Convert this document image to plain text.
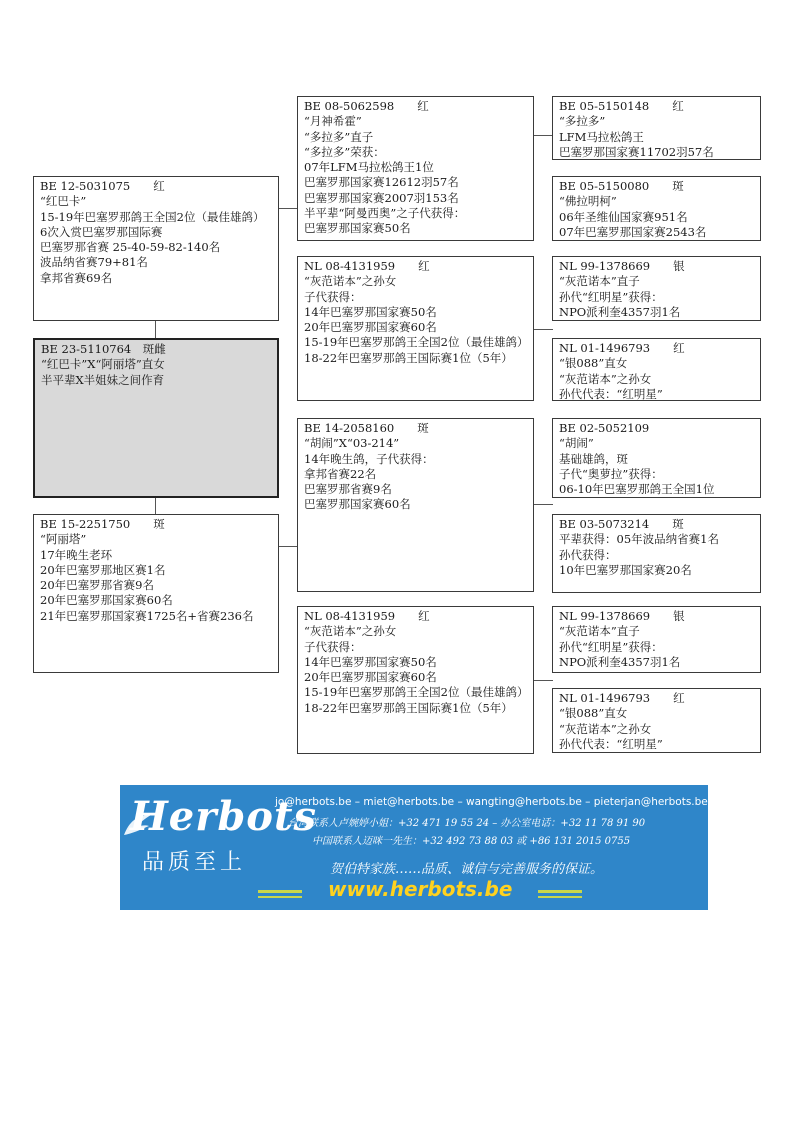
BE 23-5110764　斑雌
“红巴卡”X“阿丽塔”直女
半平辈X半姐妹之间作育
BE 12-5031075　　红
“红巴卡”
15-19年巴塞罗那鸽王全国2位（最佳雄鸽）
6次入赏巴塞罗那国际赛
巴塞罗那省赛 25-40-59-82-140名
波品纳省赛79+81名
拿邦省赛69名
BE 15-2251750　　斑
“阿丽塔”
17年晚生老环
20年巴塞罗那地区赛1名
20年巴塞罗那省赛9名
20年巴塞罗那国家赛60名
21年巴塞罗那国家赛1725名+省赛236名
BE 08-5062598　　红
“月神希霍”
“多拉多”直子
“多拉多”荣获：
07年LFM马拉松鸽王1位
巴塞罗那国家赛12612羽57名
巴塞罗那国家赛2007羽153名
半平辈“阿曼西奥”之子代获得：
巴塞罗那国家赛50名
NL 08-4131959　　红
“灰范诺本”之孙女
子代获得：
14年巴塞罗那国家赛50名
20年巴塞罗那国家赛60名
15-19年巴塞罗那鸽王全国2位（最佳雄鸽）
18-22年巴塞罗那鸽王国际赛1位（5年）
BE 14-2058160　　斑
“胡闹”X“03-214”
14年晚生鸽，子代获得：
拿邦省赛22名
巴塞罗那省赛9名
巴塞罗那国家赛60名
NL 08-4131959　　红
“灰范诺本”之孙女
子代获得：
14年巴塞罗那国家赛50名
20年巴塞罗那国家赛60名
15-19年巴塞罗那鸽王全国2位（最佳雄鸽）
18-22年巴塞罗那鸽王国际赛1位（5年）
BE 05-5150148　　红
“多拉多”
LFM马拉松鸽王
巴塞罗那国家赛11702羽57名
BE 05-5150080　　斑
“佛拉明柯”
06年圣维仙国家赛951名
07年巴塞罗那国家赛2543名
NL 99-1378669　　银
“灰范诺本”直子
孙代“红明星”获得：
NPO派利奎4357羽1名
NL 01-1496793　　红
“银088”直女
“灰范诺本”之孙女
孙代代表：“红明星”
BE 02-5052109
“胡闹”
基础雄鸽，斑
子代“奥萝拉”获得：
06-10年巴塞罗那鸽王全国1位
BE 03-5073214　　斑
平辈获得：05年波品纳省赛1名
孙代获得：
10年巴塞罗那国家赛20名
NL 99-1378669　　银
“灰范诺本”直子
孙代“红明星”获得：
NPO派利奎4357羽1名
NL 01-1496793　　红
“银088”直女
“灰范诺本”之孙女
孙代代表：“红明星”
Herbots
品质至上
jo@herbots.be – miet@herbots.be – wangting@herbots.be – pieterjan@herbots.be
台湾联系人卢婉婷小姐：+32 471 19 55 24 – 办公室电话：+32 11 78 91 90
中国联系人迈咪一先生：+32 492 73 88 03 或 +86 131 2015 0755
贺伯特家族……品质、诚信与完善服务的保证。
www.herbots.be
